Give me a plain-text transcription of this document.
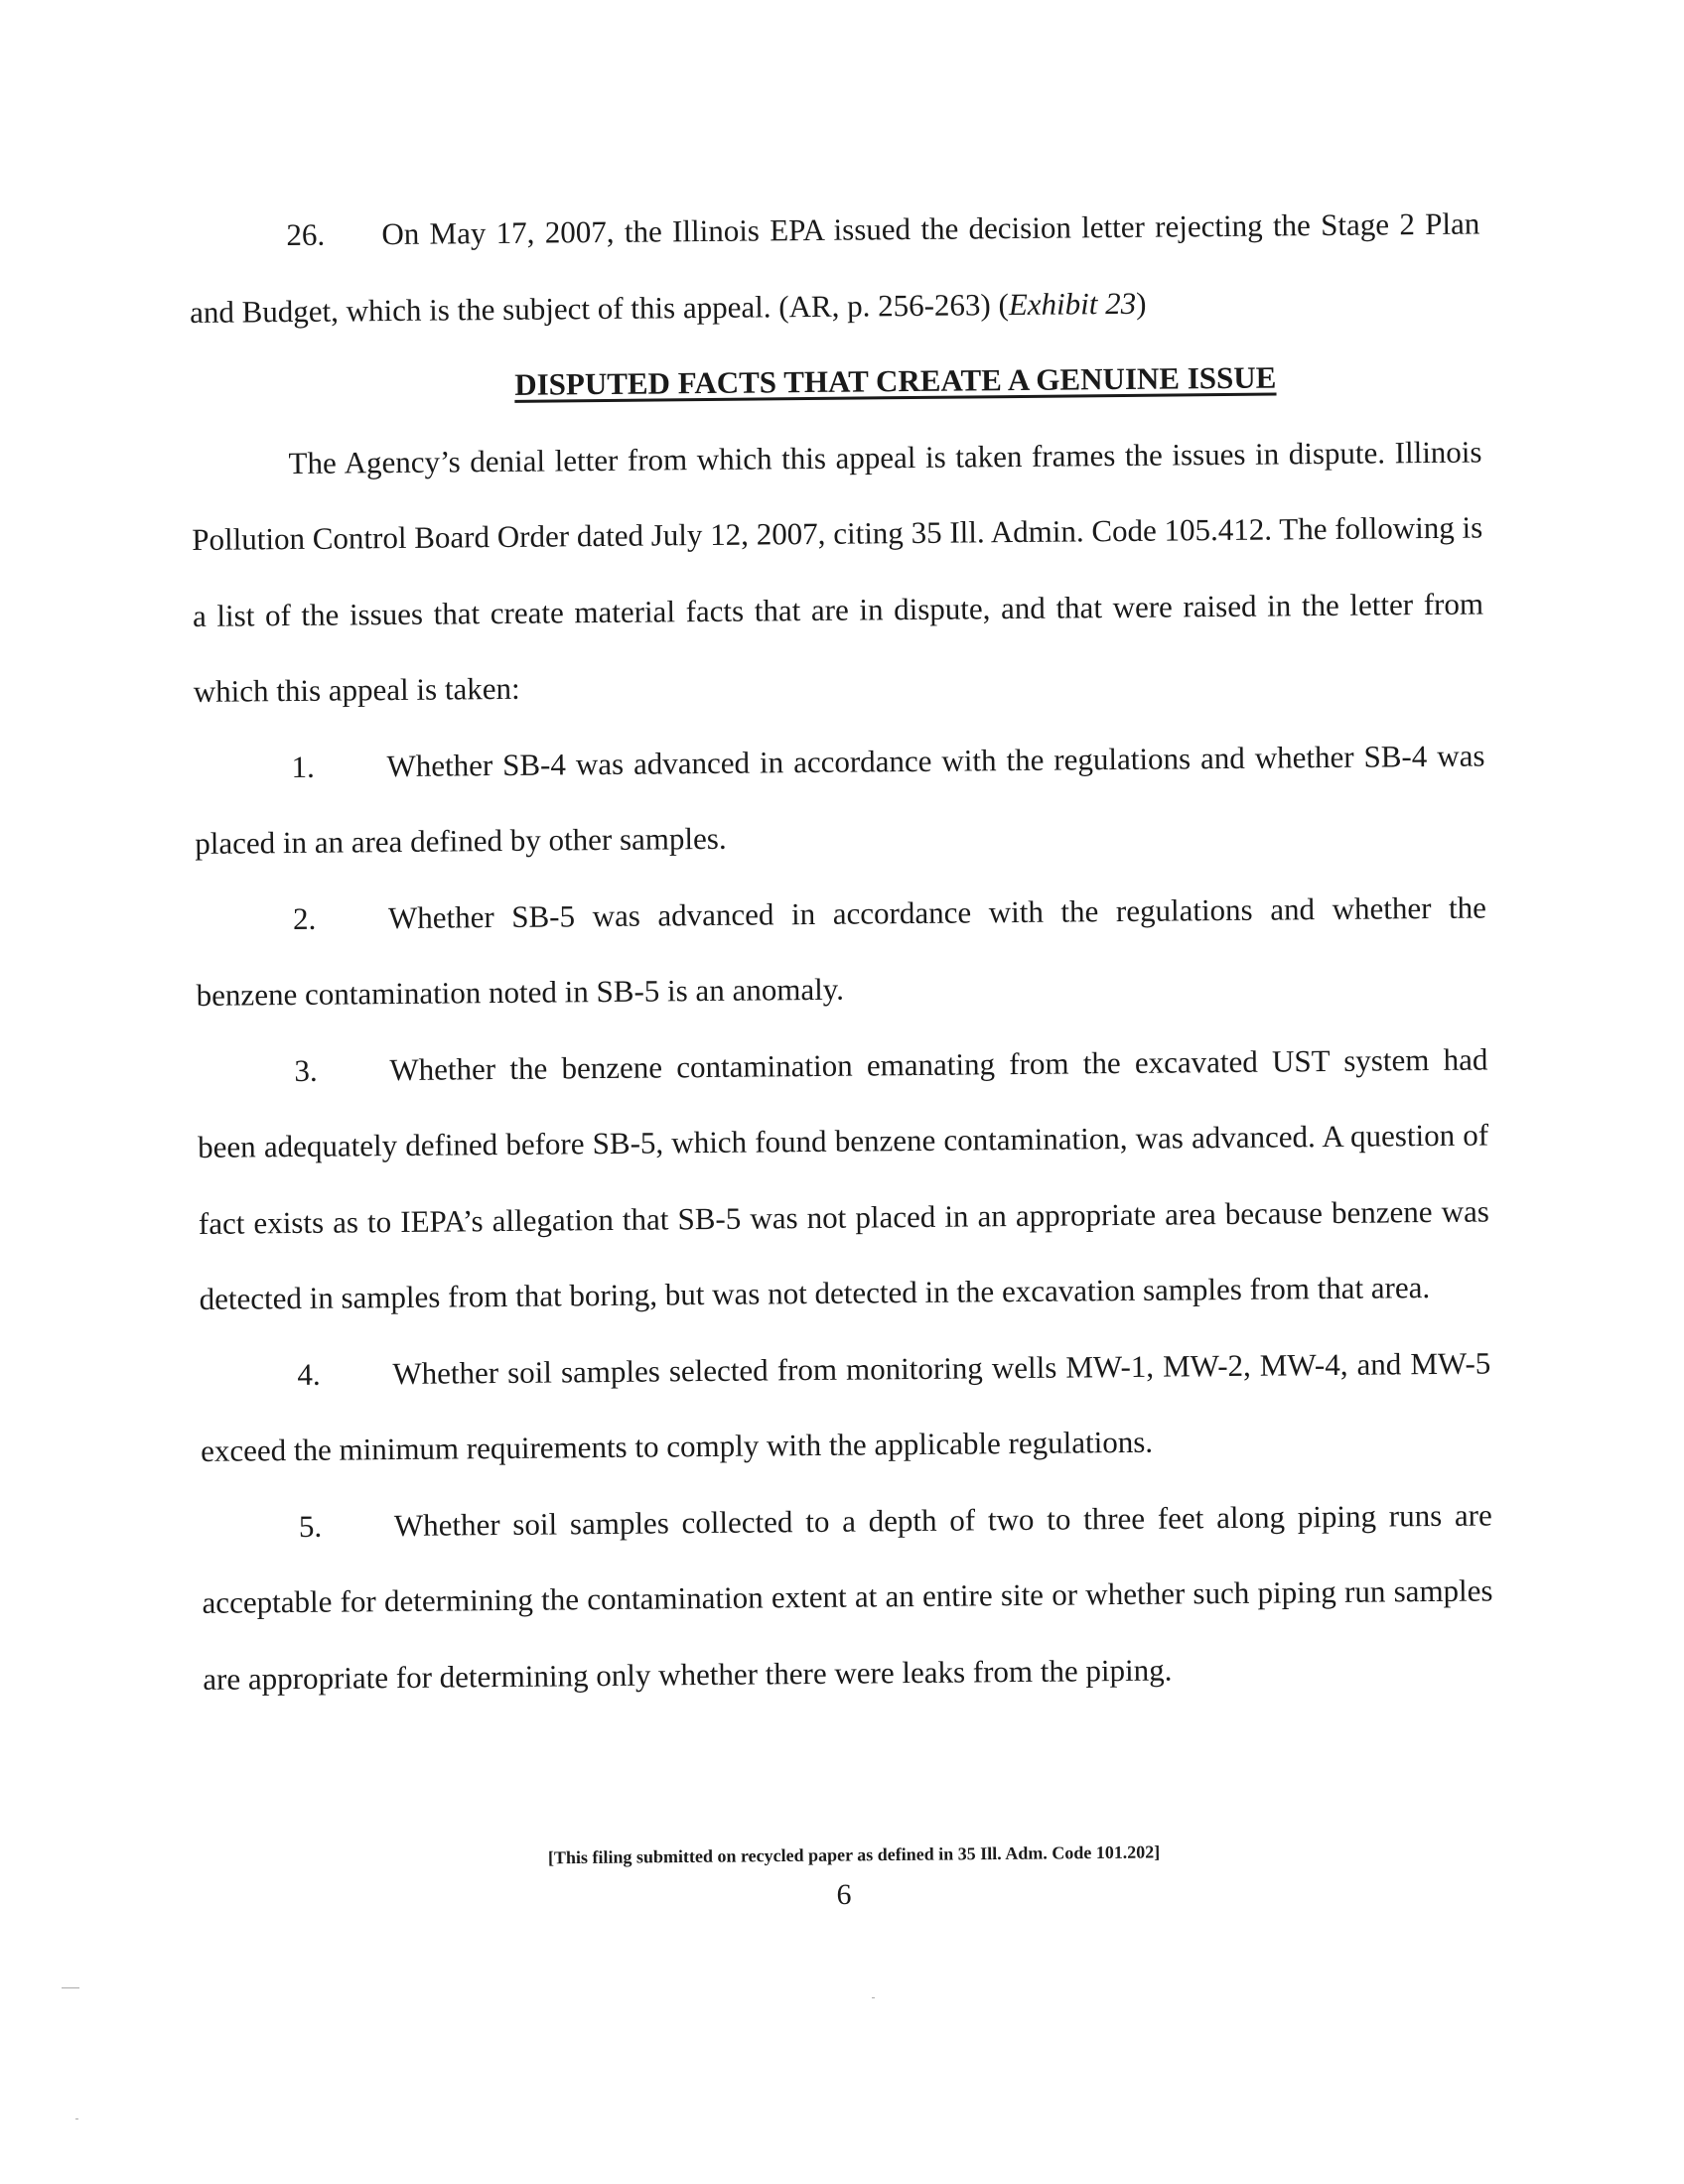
26. On May 17, 2007, the Illinois EPA issued the decision letter rejecting the Stage 2 Plan and Budget, which is the subject of this appeal. (AR, p. 256-263) (Exhibit 23)

DISPUTED FACTS THAT CREATE A GENUINE ISSUE

The Agency’s denial letter from which this appeal is taken frames the issues in dispute. Illinois Pollution Control Board Order dated July 12, 2007, citing 35 Ill. Admin. Code 105.412. The following is a list of the issues that create material facts that are in dispute, and that were raised in the letter from which this appeal is taken:

1. Whether SB-4 was advanced in accordance with the regulations and whether SB-4 was placed in an area defined by other samples.

2. Whether SB-5 was advanced in accordance with the regulations and whether the benzene contamination noted in SB-5 is an anomaly.

3. Whether the benzene contamination emanating from the excavated UST system had been adequately defined before SB-5, which found benzene contamination, was advanced. A question of fact exists as to IEPA’s allegation that SB-5 was not placed in an appropriate area because benzene was detected in samples from that boring, but was not detected in the excavation samples from that area.

4. Whether soil samples selected from monitoring wells MW-1, MW-2, MW-4, and MW-5 exceed the minimum requirements to comply with the applicable regulations.

5. Whether soil samples collected to a depth of two to three feet along piping runs are acceptable for determining the contamination extent at an entire site or whether such piping run samples are appropriate for determining only whether there were leaks from the piping.

[This filing submitted on recycled paper as defined in 35 Ill. Adm. Code 101.202]
6
